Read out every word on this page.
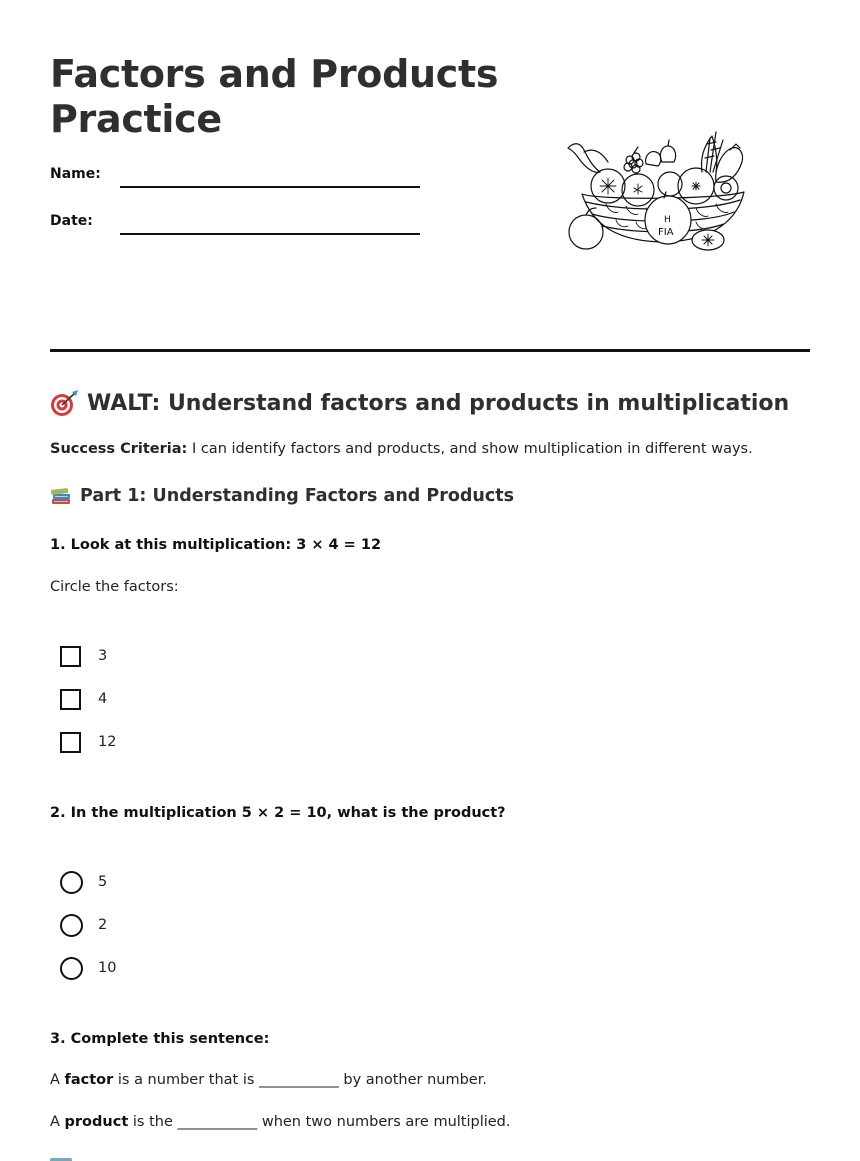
Factors and Products
Practice
Name:
Date:	H
FIA
WALT: Understand factors and products in multiplication
Success Criteria: I can identify factors and products, and show multiplication in different ways.
Part 1: Understanding Factors and Products
1. Look at this multiplication: 3 × 4 = 12
Circle the factors:
3
4
12
2. In the multiplication 5 × 2 = 10, what is the product?
5
2
10
3. Complete this sentence:
A factor is a number that is ___________ by another number.
A product is the ___________ when two numbers are multiplied.
